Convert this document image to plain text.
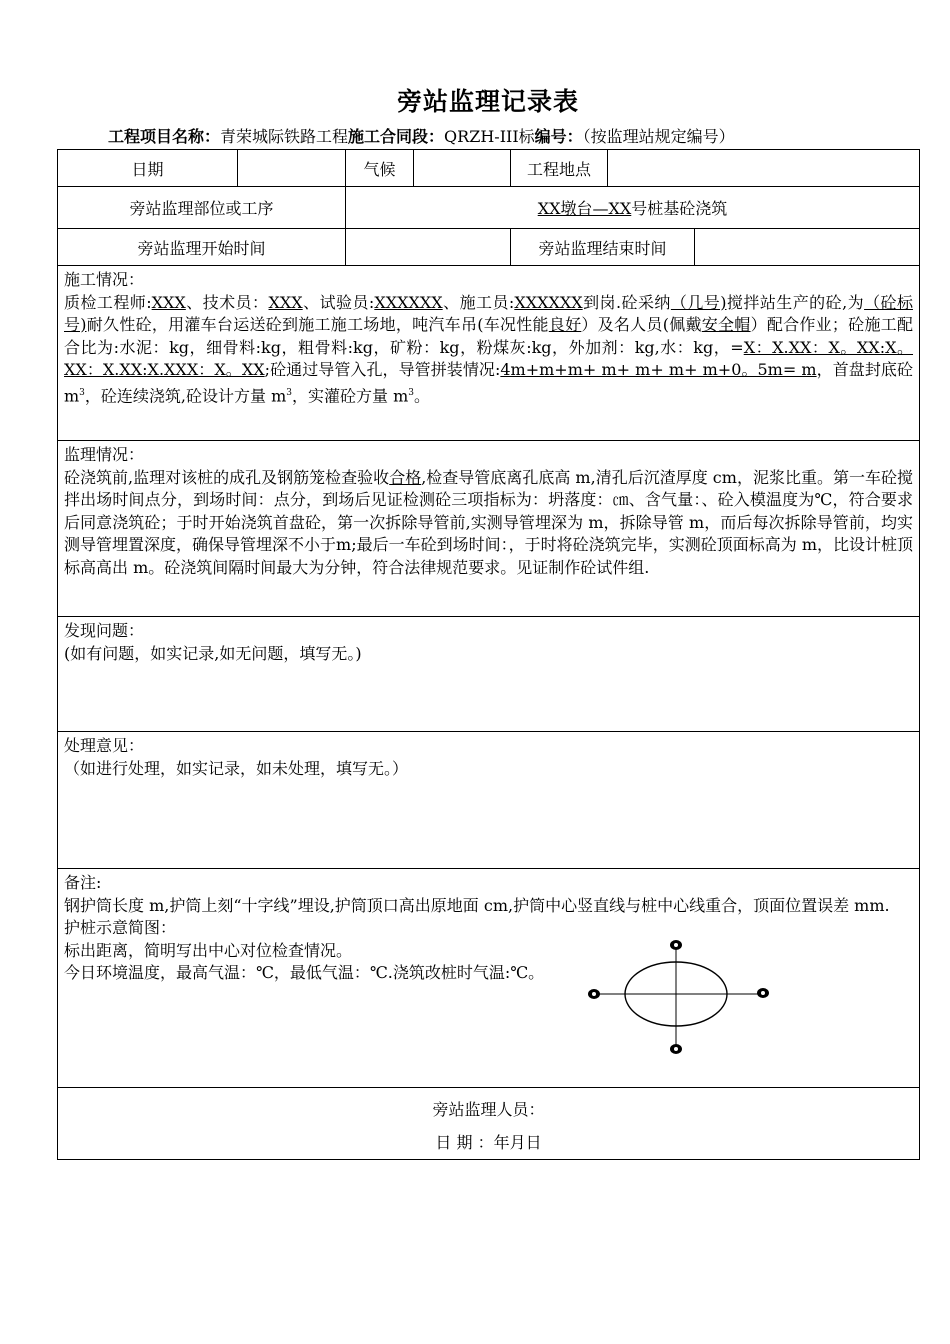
旁站监理记录表
工程项目名称：青荣城际铁路工程施工合同段：QRZH-III标编号：（按监理站规定编号）
日期		气候		工程地点		
旁站监理部位或工序		XX墩台—XX号桩基砼浇筑				
旁站监理开始时间				旁站监理结束时间		

施工情况：

质检工程师:XXX、技术员：XXX、试验员:XXXXXX、施工员:XXXXXX到岗.砼采纳（几号)搅拌站生产的砼,为（砼标号)耐久性砼，用灌车台运送砼到施工施工场地，吨汽车吊(车况性能良好）及名人员(佩戴安全帽）配合作业；砼施工配合比为:水泥：kg，细骨料:kg，粗骨料:kg，矿粉：kg，粉煤灰:kg，外加剂：kg,水：kg，=X：X.XX：X。XX:X。XX：X.XX:X.XXX：X。XX;砼通过导管入孔，导管拼装情况:4m+m+m+ m+ m+ m+ m+0。5m= m，首盘封底砼 $m^3$，砼连续浇筑,砼设计方量 $m^3$，实灌砼方量 $m^3$。						

监理情况：

砼浇筑前,监理对该桩的成孔及钢筋笼检查验收合格,检查导管底离孔底高 m,清孔后沉渣厚度 cm，泥浆比重。第一车砼搅拌出场时间点分，到场时间：点分，到场后见证检测砼三项指标为：坍落度：㎝、含气量：、砼入模温度为℃，符合要求后同意浇筑砼；于时开始浇筑首盘砼，第一次拆除导管前,实测导管埋深为 m，拆除导管 m，而后每次拆除导管前，均实测导管埋置深度，确保导管埋深不小于m;最后一车砼到场时间：，于时将砼浇筑完毕，实测砼顶面标高为 m，比设计桩顶标高高出 m。砼浇筑间隔时间最大为分钟，符合法律规范要求。见证制作砼试件组.						

发现问题：

(如有问题，如实记录,如无问题，填写无。)						

处理意见：

（如进行处理，如实记录，如未处理，填写无。）						

备注:

钢护筒长度 m,护筒上刻“十字线”埋设,护筒顶口高出原地面 cm,护筒中心竖直线与桩中心线重合，顶面位置误差 mm.

护桩示意简图：

标出距离，简明写出中心对位检查情况。

今日环境温度，最高气温：℃，最低气温：℃.浇筑改桩时气温:℃。						

旁站监理人员：
日 期 ：年月日						
